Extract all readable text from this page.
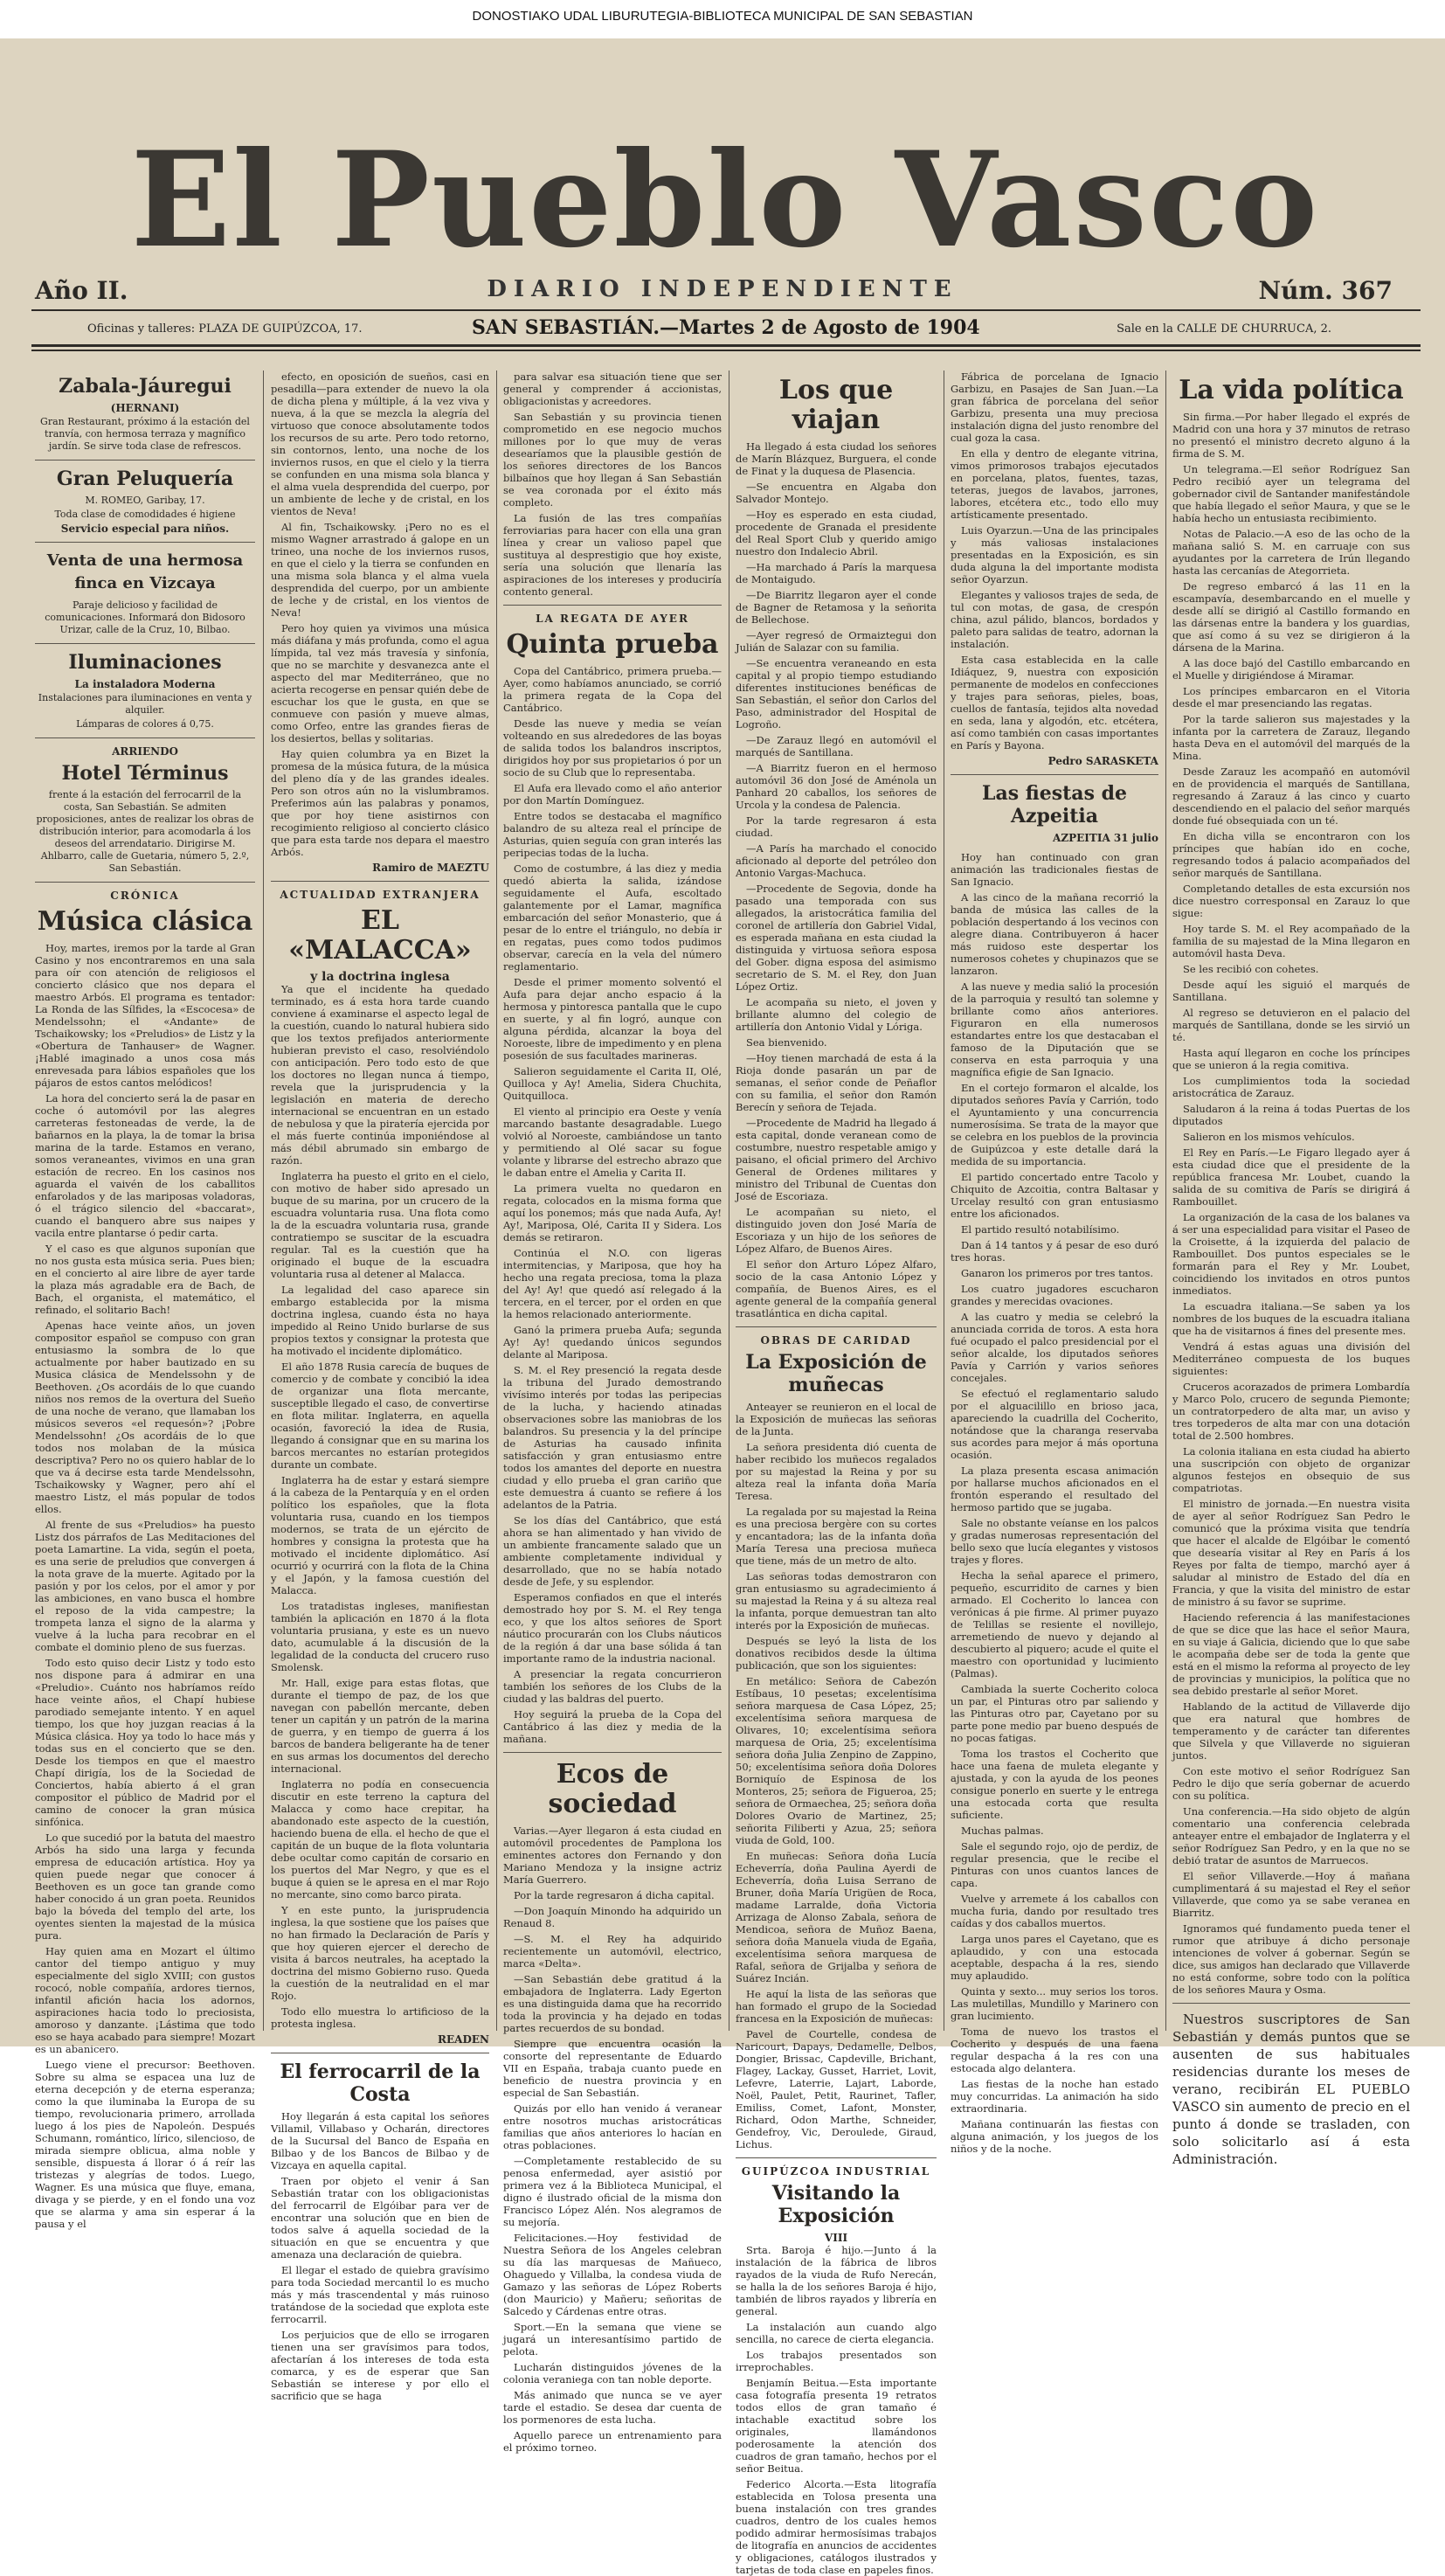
DONOSTIAKO UDAL LIBURUTEGIA-BIBLIOTECA MUNICIPAL DE SAN SEBASTIAN
El Pueblo Vasco
Año II.	DIARIO INDEPENDIENTE	Núm. 367
Oficinas y talleres: PLAZA DE GUIPÚZCOA, 17.	SAN SEBASTIÁN.—Martes 2 de Agosto de 1904	Sale en la CALLE DE CHURRUCA, 2.
Zabala-Jáuregui
(HERNANI)
Gran Restaurant, próximo á la estación del tranvía, con hermosa terraza y magnífico jardín. Se sirve toda clase de refrescos.
Gran Peluquería
M. ROMEO, Garibay, 17.
Toda clase de comodidades é higiene
Servicio especial para niños.
Venta de una hermosa finca en Vizcaya
Paraje delicioso y facilidad de comunicaciones. Informará don Bidosoro Urizar, calle de la Cruz, 10, Bilbao.
Iluminaciones
La instaladora Moderna
Instalaciones para iluminaciones en venta y alquiler.
Lámparas de colores á 0,75.
ARRIENDO
Hotel Términus
frente á la estación del ferrocarril de la costa, San Sebastián. Se admiten proposiciones, antes de realizar los obras de distribución interior, para acomodarla á los deseos del arrendatario. Dirigirse M. Ahlbarro, calle de Guetaria, número 5, 2.º, San Sebastián.
CRÓNICA
Música clásica

Hoy, martes, iremos por la tarde al Gran Casino y nos encontraremos en una sala para oír con atención de religiosos el concierto clásico que nos depara el maestro Arbós. El programa es tentador: La Ronda de las Sílfides, la «Escocesa» de Mendelssohn; el «Andante» de Tschaikowsky; los «Preludios» de Listz y la «Obertura de Tanhauser» de Wagner. ¡Hablé imaginado a unos cosa más enrevesada para lábios españoles que los pájaros de estos cantos melódicos!

La hora del concierto será la de pasar en coche ó automóvil por las alegres carreteras festoneadas de verde, la de bañarnos en la playa, la de tomar la brisa marina de la tarde. Estamos en verano, somos veraneantes, vivimos en una gran estación de recreo. En los casinos nos aguarda el vaivén de los caballitos enfarolados y de las mariposas voladoras, ó el trágico silencio del «baccarat», cuando el banquero abre sus naipes y vacila entre plantarse ó pedir carta.

Y el caso es que algunos suponían que no nos gusta esta música seria. Pues bien; en el concierto al aire libre de ayer tarde la plaza más agradable era de Bach, de Bach, el organista, el matemático, el refinado, el solitario Bach!

Apenas hace veinte años, un joven compositor español se compuso con gran entusiasmo la sombra de lo que actualmente por haber bautizado en su Musica clásica de Mendelssohn y de Beethoven. ¿Os acordáis de lo que cuando niños nos remos de la overtura del Sueño de una noche de verano, que llamaban los músicos severos «el requesón»? ¡Pobre Mendelssohn! ¿Os acordáis de lo que todos nos molaban de la música descriptiva? Pero no os quiero hablar de lo que va á decirse esta tarde Mendelssohn, Tschaikowsky y Wagner, pero ahí el maestro Listz, el más popular de todos ellos.

Al frente de sus «Preludios» ha puesto Listz dos párrafos de Las Meditaciones del poeta Lamartine. La vida, según el poeta, es una serie de preludios que convergen á la nota grave de la muerte. Agitado por la pasión y por los celos, por el amor y por las ambiciones, en vano busca el hombre el reposo de la vida campestre; la trompeta lanza el signo de la alarma y vuelve á la lucha para recobrar en el combate el dominio pleno de sus fuerzas.

Todo esto quiso decir Listz y todo esto nos dispone para á admirar en una «Preludio». Cuánto nos habríamos reído hace veinte años, el Chapí hubiese parodiado semejante intento. Y en aquel tiempo, los que hoy juzgan reacias á la Música clásica. Hoy ya todo lo hace más y todas sus en el concierto que se den. Desde los tiempos en que el maestro Chapí dirigía, los de la Sociedad de Conciertos, había abierto á el gran compositor el público de Madrid por el camino de conocer la gran música sinfónica.

Lo que sucedió por la batuta del maestro Arbós ha sido una larga y fecunda empresa de educación artística. Hoy ya quien puede negar que conocer á Beethoven es un goce tan grande como haber conocido á un gran poeta. Reunidos bajo la bóveda del templo del arte, los oyentes sienten la majestad de la música pura.

Hay quien ama en Mozart el último cantor del tiempo antiguo y muy especialmente del siglo XVIII; con gustos rococó, noble compañía, ardores tiernos, infantil afición hacia los adornos, aspiraciones hacia todo lo preciosista, amoroso y danzante. ¡Lástima que todo eso se haya acabado para siempre! Mozart es un abanicero.

Luego viene el precursor: Beethoven. Sobre su alma se espacea una luz de eterna decepción y de eterna esperanza; como la que iluminaba la Europa de su tiempo, revolucionaria primero, arrollada luego á los pies de Napoleón. Después Schumann, romántico, lírico, silencioso, de mirada siempre oblicua, alma noble y sensible, dispuesta á llorar ó á reír las tristezas y alegrías de todos. Luego, Wagner. Es una música que fluye, emana, divaga y se pierde, y en el fondo una voz que se alarma y ama sin esperar á la pausa y el

efecto, en oposición de sueños, casi en pesadilla—para extender de nuevo la ola de dicha plena y múltiple, á la vez viva y nueva, á la que se mezcla la alegría del virtuoso que conoce absolutamente todos los recursos de su arte. Pero todo retorno, sin contornos, lento, una noche de los inviernos rusos, en que el cielo y la tierra se confunden en una misma sola blanca y el alma vuela desprendida del cuerpo, por un ambiente de leche y de cristal, en los vientos de Neva!

Al fin, Tschaikowsky. ¡Pero no es el mismo Wagner arrastrado á galope en un trineo, una noche de los inviernos rusos, en que el cielo y la tierra se confunden en una misma sola blanca y el alma vuela desprendida del cuerpo, por un ambiente de leche y de cristal, en los vientos de Neva!

Pero hoy quien ya vivimos una música más diáfana y más profunda, como el agua límpida, tal vez más travesía y sinfonía, que no se marchite y desvanezca ante el aspecto del mar Mediterráneo, que no acierta recogerse en pensar quién debe de escuchar los que le gusta, en que se conmueve con pasión y mueve almas, como Orfeo, entre las grandes fieras de los desiertos, bellas y solitarias.

Hay quien columbra ya en Bizet la promesa de la música futura, de la música del pleno día y de las grandes ideales. Pero son otros aún no la vislumbramos. Preferimos aún las palabras y ponamos, que por hoy tiene asistirnos con recogimiento religioso al concierto clásico que para esta tarde nos depara el maestro Arbós.

Ramiro de MAEZTU
ACTUALIDAD EXTRANJERA
EL «MALACCA»
y la doctrina inglesa

Ya que el incidente ha quedado terminado, es á esta hora tarde cuando conviene á examinarse el aspecto legal de la cuestión, cuando lo natural hubiera sido que los textos prefijados anteriormente hubieran previsto el caso, resolviéndolo con anticipación. Pero todo esto de que los doctores no llegan nunca á tiempo, revela que la jurisprudencia y la legislación en materia de derecho internacional se encuentran en un estado de nebulosa y que la piratería ejercida por el más fuerte continúa imponiéndose al más débil abrumado sin embargo de razón.

Inglaterra ha puesto el grito en el cielo, con motivo de haber sido apresado un buque de su marina, por un crucero de la escuadra voluntaria rusa. Una flota como la de la escuadra voluntaria rusa, grande contratiempo se suscitar de la escuadra regular. Tal es la cuestión que ha originado el buque de la escuadra voluntaria rusa al detener al Malacca.

La legalidad del caso aparece sin embargo establecida por la misma doctrina inglesa, cuando ésta no haya impedido al Reino Unido burlarse de sus propios textos y consignar la protesta que ha motivado el incidente diplomático.

El año 1878 Rusia carecía de buques de comercio y de combate y concibió la idea de organizar una flota mercante, susceptible llegado el caso, de convertirse en flota militar. Inglaterra, en aquella ocasión, favoreció la idea de Rusia, llegando á consignar que en su marina los barcos mercantes no estarían protegidos durante un combate.

Inglaterra ha de estar y estará siempre á la cabeza de la Pentarquía y en el orden político los españoles, que la flota voluntaria rusa, cuando en los tiempos modernos, se trata de un ejército de hombres y consigna la protesta que ha motivado el incidente diplomático. Así ocurrió y ocurrirá con la flota de la China y el Japón, y la famosa cuestión del Malacca.

Los tratadistas ingleses, manifiestan también la aplicación en 1870 á la flota voluntaria prusiana, y este es un nuevo dato, acumulable á la discusión de la legalidad de la conducta del crucero ruso Smolensk.

Mr. Hall, exige para estas flotas, que durante el tiempo de paz, de los que navegan con pabellón mercante, deben tener un capitán y un patrón de la marina de guerra, y en tiempo de guerra á los barcos de bandera beligerante ha de tener en sus armas los documentos del derecho internacional.

Inglaterra no podía en consecuencia discutir en este terreno la captura del Malacca y como hace crepitar, ha abandonado este aspecto de la cuestión, haciendo buena de ella. el hecho de que el capitán de un buque de la flota voluntaria debe ocultar como capitán de corsario en los puertos del Mar Negro, y que es el buque á quien se le apresa en el mar Rojo no mercante, sino como barco pirata.

Y en este punto, la jurisprudencia inglesa, la que sostiene que los países que no han firmado la Declaración de París y que hoy quieren ejercer el derecho de visita á barcos neutrales, ha aceptado la doctrina del mismo Gobierno ruso. Queda la cuestión de la neutralidad en el mar Rojo.

Todo ello muestra lo artificioso de la protesta inglesa.

READEN
El ferrocarril de la Costa

Hoy llegarán á esta capital los señores Villamil, Villabaso y Ocharán, directores de la Sucursal del Banco de España en Bilbao y de los Bancos de Bilbao y de Vizcaya en aquella capital.

Traen por objeto el venir á San Sebastián tratar con los obligacionistas del ferrocarril de Elgóibar para ver de encontrar una solución que en bien de todos salve á aquella sociedad de la situación en que se encuentra y que amenaza una declaración de quiebra.

El llegar el estado de quiebra gravísimo para toda Sociedad mercantil lo es mucho más y más trascendental y más ruinoso tratándose de la sociedad que explota este ferrocarril.

Los perjuicios que de ello se irrogaren tienen una ser gravísimos para todos, afectarían á los intereses de toda esta comarca, y es de esperar que San Sebastián se interese y por ello el sacrificio que se haga

para salvar esa situación tiene que ser general y comprender á accionistas, obligacionistas y acreedores.

San Sebastián y su provincia tienen comprometido en ese negocio muchos millones por lo que muy de veras desearíamos que la plausible gestión de los señores directores de los Bancos bilbaínos que hoy llegan á San Sebastián se vea coronada por el éxito más completo.

La fusión de las tres compañías ferroviarias para hacer con ella una gran línea y crear un valioso papel que sustituya al desprestigio que hoy existe, sería una solución que llenaría las aspiraciones de los intereses y produciría contento general.

LA REGATA DE AYER
Quinta prueba

Copa del Cantábrico, primera prueba.— Ayer, como habíamos anunciado, se corrió la primera regata de la Copa del Cantábrico.

Desde las nueve y media se veían volteando en sus alrededores de las boyas de salida todos los balandros inscriptos, dirigidos hoy por sus propietarios ó por un socio de su Club que lo representaba.

El Aufa era llevado como el año anterior por don Martín Domínguez.

Entre todos se destacaba el magnífico balandro de su alteza real el príncipe de Asturias, quien seguía con gran interés las peripecias todas de la lucha.

Como de costumbre, á las diez y media quedó abierta la salida, izándose seguidamente el Aufa, escoltado galantemente por el Lamar, magnífica embarcación del señor Monasterio, que á pesar de lo entre el triángulo, no debía ir en regatas, pues como todos pudimos observar, carecía en la vela del número reglamentario.

Desde el primer momento solventó el Aufa para dejar ancho espacio á la hermosa y pintoresca pantalla que le cupo en suerte, y al fin logró, aunque con alguna pérdida, alcanzar la boya del Noroeste, libre de impedimento y en plena posesión de sus facultades marineras.

Salieron seguidamente el Carita II, Olé, Quilloca y Ay! Amelia, Sidera Chuchita, Quitquilloca.

El viento al principio era Oeste y venía marcando bastante desagradable. Luego volvió al Noroeste, cambiándose un tanto y permitiendo al Olé sacar su fogue volante y librarse del estrecho abrazo que le daban entre el Amelia y Carita II.

La primera vuelta no quedaron en regata, colocados en la misma forma que aquí los ponemos; más que nada Aufa, Ay! Ay!, Mariposa, Olé, Carita II y Sidera. Los demás se retiraron.

Continúa el N.O. con ligeras intermitencias, y Mariposa, que hoy ha hecho una regata preciosa, toma la plaza del Ay! Ay! que quedó así relegado á la tercera, en el tercer, por el orden en que la hemos relacionado anteriormente.

Ganó la primera prueba Aufa; segunda Ay! Ay! quedando únicos segundos delante al Mariposa.

S. M. el Rey presenció la regata desde la tribuna del Jurado demostrando vivísimo interés por todas las peripecias de la lucha, y haciendo atinadas observaciones sobre las maniobras de los balandros. Su presencia y la del príncipe de Asturias ha causado infinita satisfacción y gran entusiasmo entre todos los amantes del deporte en nuestra ciudad y ello prueba el gran cariño que este demuestra á cuanto se refiere á los adelantos de la Patria.

Se los días del Cantábrico, que está ahora se han alimentado y han vivido de un ambiente francamente salado que un ambiente completamente individual y desarrollado, que no se había notado desde de Jefe, y su esplendor.

Esperamos confiados en que el interés demostrado hoy por S. M. el Rey tenga eco, y que los altos señores de Sport náutico procurarán con los Clubs náuticos de la región á dar una base sólida á tan importante ramo de la industria nacional.

A presenciar la regata concurrieron también los señores de los Clubs de la ciudad y las baldras del puerto.

Hoy seguirá la prueba de la Copa del Cantábrico á las diez y media de la mañana.

Ecos de sociedad

Varias.—Ayer llegaron á esta ciudad en automóvil procedentes de Pamplona los eminentes actores don Fernando y don Mariano Mendoza y la insigne actriz María Guerrero.

Por la tarde regresaron á dicha capital.

—Don Joaquín Minondo ha adquirido un Renaud 8.

—S. M. el Rey ha adquirido recientemente un automóvil, electrico, marca «Delta».

—San Sebastián debe gratitud á la embajadora de Inglaterra. Lady Egerton es una distinguida dama que ha recorrido toda la provincia y ha dejado en todas partes recuerdos de su bondad.

Siempre que encuentra ocasión la consorte del representante de Eduardo VII en España, trabaja cuanto puede en beneficio de nuestra provincia y en especial de San Sebastián.

Quizás por ello han venido á veranear entre nosotros muchas aristocráticas familias que años anteriores lo hacían en otras poblaciones.

—Completamente restablecido de su penosa enfermedad, ayer asistió por primera vez á la Biblioteca Municipal, el digno é ilustrado oficial de la misma don Francisco López Alén. Nos alegramos de su mejoría.

Felicitaciones.—Hoy festividad de Nuestra Señora de los Angeles celebran su día las marquesas de Mañueco, Ohaguedo y Villalba, la condesa viuda de Gamazo y las señoras de López Roberts (don Mauricio) y Mañeru; señoritas de Salcedo y Cárdenas entre otras.

Sport.—En la semana que viene se jugará un interesantísimo partido de pelota.

Lucharán distinguidos jóvenes de la colonia veraniega con tan noble deporte.

Más animado que nunca se ve ayer tarde el estadio. Se desea dar cuenta de los pormenores de esta lucha.

Aquello parece un entrenamiento para el próximo torneo.

Los que viajan

Ha llegado á esta ciudad los señores de Marín Blázquez, Burguera, el conde de Finat y la duquesa de Plasencia.

—Se encuentra en Algaba don Salvador Montejo.

—Hoy es esperado en esta ciudad, procedente de Granada el presidente del Real Sport Club y querido amigo nuestro don Indalecio Abril.

—Ha marchado á París la marquesa de Montaigudo.

—De Biarritz llegaron ayer el conde de Bagner de Retamosa y la señorita de Bellechose.

—Ayer regresó de Ormaiztegui don Julián de Salazar con su familia.

—Se encuentra veraneando en esta capital y al propio tiempo estudiando diferentes instituciones benéficas de San Sebastián, el señor don Carlos del Paso, administrador del Hospital de Logroño.

—De Zarauz llegó en automóvil el marqués de Santillana.

—A Biarritz fueron en el hermoso automóvil 36 don José de Aménola un Panhard 20 caballos, los señores de Urcola y la condesa de Palencia.

Por la tarde regresaron á esta ciudad.

—A París ha marchado el conocido aficionado al deporte del petróleo don Antonio Vargas-Machuca.

—Procedente de Segovia, donde ha pasado una temporada con sus allegados, la aristocrática familia del coronel de artillería don Gabriel Vidal, es esperada mañana en esta ciudad la distinguida y virtuosa señora esposa del Gober. digna esposa del asimismo secretario de S. M. el Rey, don Juan López Ortiz.

Le acompaña su nieto, el joven y brillante alumno del colegio de artillería don Antonio Vidal y Lóriga.

Sea bienvenido.

—Hoy tienen marchadá de esta á la Rioja donde pasarán un par de semanas, el señor conde de Peñaflor con su familia, el señor don Ramón Berecín y señora de Tejada.

—Procedente de Madrid ha llegado á esta capital, donde veranean como de costumbre, nuestro respetable amigo y paisano, el oficial primero del Archivo General de Ordenes militares y ministro del Tribunal de Cuentas don José de Escoriaza.

Le acompañan su nieto, el distinguido joven don José María de Escoriaza y un hijo de los señores de López Alfaro, de Buenos Aires.

El señor don Arturo López Alfaro, socio de la casa Antonio López y compañía, de Buenos Aires, es el agente general de la compañía general trasatlántica en dicha capital.

OBRAS DE CARIDAD
La Exposición de muñecas

Anteayer se reunieron en el local de la Exposición de muñecas las señoras de la Junta.

La señora presidenta dió cuenta de haber recibido los muñecos regalados por su majestad la Reina y por su alteza real la infanta doña María Teresa.

La regalada por su majestad la Reina es una preciosa bergère con su cortes y encantadora; las de la infanta doña María Teresa una preciosa muñeca que tiene, más de un metro de alto.

Las señoras todas demostraron con gran entusiasmo su agradecimiento á su majestad la Reina y á su alteza real la infanta, porque demuestran tan alto interés por la Exposición de muñecas.

Después se leyó la lista de los donativos recibidos desde la última publicación, que son los siguientes:

En metálico: Señora de Cabezón Estíbaus, 10 pesetas; excelentísima señora marquesa de Casa López, 25; excelentísima señora marquesa de Olivares, 10; excelentísima señora marquesa de Oria, 25; excelentísima señora doña Julia Zenpino de Zappino, 50; excelentísima señora doña Dolores Borniquío de Espinosa de los Monteros, 25; señora de Figueroa, 25; señora de Ormaechea, 25; señora doña Dolores Ovario de Martinez, 25; señorita Filiberti y Azua, 25; señora viuda de Gold, 100.

En muñecas: Señora doña Lucía Echeverría, doña Paulina Ayerdi de Echeverría, doña Luisa Serrano de Bruner, doña María Urigüen de Roca, madame Larralde, doña Victoria Arrizaga de Alonso Zabala, señora de Mendicoa, señora de Muñoz Baena, señora doña Manuela viuda de Egaña, excelentísima señora marquesa de Rafal, señora de Grijalba y señora de Suárez Incián.

He aquí la lista de las señoras que han formado el grupo de la Sociedad francesa en la Exposición de muñecas:

Pavel de Courtelle, condesa de Naricourt, Dapays, Dedamelle, Delbos, Dongier, Brissac, Capdeville, Brichant, Flagey, Lackay, Gusset, Harriet, Lovit, Lefevre, Laterrie, Lajart, Laborde, Noël, Paulet, Petit, Raurinet, Tafler, Emiliss, Comet, Lafont, Monster, Richard, Odon Marthe, Schneider, Gendefroy, Vic, Deroulede, Giraud, Lichus.

GUIPÚZCOA INDUSTRIAL
Visitando la Exposición
VIII

Srta. Baroja é hijo.—Junto á la instalación de la fábrica de libros rayados de la viuda de Rufo Nerecán, se halla la de los señores Baroja é hijo, también de libros rayados y librería en general.

La instalación aun cuando algo sencilla, no carece de cierta elegancia.

Los trabajos presentados son irreprochables.

Benjamín Beitua.—Esta importante casa fotografía presenta 19 retratos todos ellos de gran tamaño é intachable exactitud sobre los originales, llamándonos poderosamente la atención dos cuadros de gran tamaño, hechos por el señor Beitua.

Federico Alcorta.—Esta litografía establecida en Tolosa presenta una buena instalación con tres grandes cuadros, dentro de los cuales hemos podido admirar hermosísimas trabajos de litografía en anuncios de accidentes y obligaciones, catálogos ilustrados y tarjetas de toda clase en papeles finos.

Fábrica de porcelana de Ignacio Garbizu, en Pasajes de San Juan.—La gran fábrica de porcelana del señor Garbizu, presenta una muy preciosa instalación digna del justo renombre del cual goza la casa.

En ella y dentro de elegante vitrina, vimos primorosos trabajos ejecutados en porcelana, platos, fuentes, tazas, teteras, juegos de lavabos, jarrones, labores, etcétera etc., todo ello muy artísticamente presentado.

Luis Oyarzun.—Una de las principales y más valiosas instalaciones presentadas en la Exposición, es sin duda alguna la del importante modista señor Oyarzun.

Elegantes y valiosos trajes de seda, de tul con motas, de gasa, de crespón china, azul pálido, blancos, bordados y paleto para salidas de teatro, adornan la instalación.

Esta casa establecida en la calle Idiáquez, 9, nuestra con exposición permanente de modelos en confecciones y trajes para señoras, pieles, boas, cuellos de fantasía, tejidos alta novedad en seda, lana y algodón, etc. etcétera, así como también con casas importantes en París y Bayona.

Pedro SARASKETA
Las fiestas de Azpeitia
AZPEITIA 31 julio

Hoy han continuado con gran animación las tradicionales fiestas de San Ignacio.

A las cinco de la mañana recorrió la banda de música las calles de la población despertando á los vecinos con alegre diana. Contribuyeron á hacer más ruidoso este despertar los numerosos cohetes y chupinazos que se lanzaron.

A las nueve y media salió la procesión de la parroquia y resultó tan solemne y brillante como años anteriores. Figuraron en ella numerosos estandartes entre los que destacaban el famoso de la Diputación que se conserva en esta parroquia y una magnífica efigie de San Ignacio.

En el cortejo formaron el alcalde, los diputados señores Pavía y Carrión, todo el Ayuntamiento y una concurrencia numerosísima. Se trata de la mayor que se celebra en los pueblos de la provincia de Guipúzcoa y este detalle dará la medida de su importancia.

El partido concertado entre Tacolo y Chiquito de Azcoitia, contra Baltasar y Urcelay resultó con gran entusiasmo entre los aficionados.

El partido resultó notabilísimo.

Dan á 14 tantos y á pesar de eso duró tres horas.

Ganaron los primeros por tres tantos.

Los cuatro jugadores escucharon grandes y merecidas ovaciones.

A las cuatro y media se celebró la anunciada corrida de toros. A esta hora fué ocupado el palco presidencial por el señor alcalde, los diputados señores Pavía y Carrión y varios señores concejales.

Se efectuó el reglamentario saludo por el alguacilillo en brioso jaca, apareciendo la cuadrilla del Cocherito, notándose que la charanga reservaba sus acordes para mejor á más oportuna ocasión.

La plaza presenta escasa animación por hallarse muchos aficionados en el frontón esperando el resultado del hermoso partido que se jugaba.

Sale no obstante veíanse en los palcos y gradas numerosas representación del bello sexo que lucía elegantes y vistosos trajes y flores.

Hecha la señal aparece el primero, pequeño, escurridito de carnes y bien armado. El Cocherito lo lancea con verónicas á pie firme. Al primer puyazo de Telillas se resiente el novillejo, arremetiendo de nuevo y dejando al descubierto al piquero; acude el quite el maestro con oportunidad y lucimiento (Palmas).

Cambiada la suerte Cocherito coloca un par, el Pinturas otro par saliendo y las Pinturas otro par, Cayetano por su parte pone medio par bueno después de no pocas fatigas.

Toma los trastos el Cocherito que hace una faena de muleta elegante y ajustada, y con la ayuda de los peones consigue ponerlo en suerte y le entrega una estocada corta que resulta suficiente.

Muchas palmas.

Sale el segundo rojo, ojo de perdiz, de regular presencia, que le recibe el Pinturas con unos cuantos lances de capa.

Vuelve y arremete á los caballos con mucha furia, dando por resultado tres caídas y dos caballos muertos.

Larga unos pares el Cayetano, que es aplaudido, y con una estocada aceptable, despacha á la res, siendo muy aplaudido.

Quinta y sexto... muy serios los toros. Las muletillas, Mundillo y Marinero con gran lucimiento.

Toma de nuevo los trastos el Cocherito y después de una faena regular despacha á la res con una estocada algo delantera.

Las fiestas de la noche han estado muy concurridas. La animación ha sido extraordinaria.

Mañana continuarán las fiestas con alguna animación, y los juegos de los niños y de la noche.

La vida política

Sin firma.—Por haber llegado el exprés de Madrid con una hora y 37 minutos de retraso no presentó el ministro decreto alguno á la firma de S. M.

Un telegrama.—El señor Rodríguez San Pedro recibió ayer un telegrama del gobernador civil de Santander manifestándole que había llegado el señor Maura, y que se le había hecho un entusiasta recibimiento.

Notas de Palacio.—A eso de las ocho de la mañana salió S. M. en carruaje con sus ayudantes por la carretera de Irún llegando hasta las cercanías de Ategorrieta.

De regreso embarcó á las 11 en la escampavía, desembarcando en el muelle y desde allí se dirigió al Castillo formando en las dársenas entre la bandera y los guardias, que así como á su vez se dirigieron á la dársena de la Marina.

A las doce bajó del Castillo embarcando en el Muelle y dirigiéndose á Miramar.

Los príncipes embarcaron en el Vitoria desde el mar presenciando las regatas.

Por la tarde salieron sus majestades y la infanta por la carretera de Zarauz, llegando hasta Deva en el automóvil del marqués de la Mina.

Desde Zarauz les acompañó en automóvil en de providencia el marqués de Santillana, regresando á Zarauz á las cinco y cuarto descendiendo en el palacio del señor marqués donde fué obsequiada con un té.

En dicha villa se encontraron con los príncipes que habían ido en coche, regresando todos á palacio acompañados del señor marqués de Santillana.

Completando detalles de esta excursión nos dice nuestro corresponsal en Zarauz lo que sigue:

Hoy tarde S. M. el Rey acompañado de la familia de su majestad de la Mina llegaron en automóvil hasta Deva.

Se les recibió con cohetes.

Desde aquí les siguió el marqués de Santillana.

Al regreso se detuvieron en el palacio del marqués de Santillana, donde se les sirvió un té.

Hasta aquí llegaron en coche los príncipes que se unieron á la regia comitiva.

Los cumplimientos toda la sociedad aristocrática de Zarauz.

Saludaron á la reina á todas Puertas de los diputados

Salieron en los mismos vehículos.

El Rey en París.—Le Figaro llegado ayer á esta ciudad dice que el presidente de la república francesa Mr. Loubet, cuando la salida de su comitiva de París se dirigirá á Rambouillet.

La organización de la casa de los balanes va á ser una especialidad para visitar el Paseo de la Croisette, á la izquierda del palacio de Rambouillet. Dos puntos especiales se le formarán para el Rey y Mr. Loubet, coincidiendo los invitados en otros puntos inmediatos.

La escuadra italiana.—Se saben ya los nombres de los buques de la escuadra italiana que ha de visitarnos á fines del presente mes.

Vendrá á estas aguas una división del Mediterráneo compuesta de los buques siguientes:

Cruceros acorazados de primera Lombardía y Marco Polo, crucero de segunda Piemonte; un contratorpedero de alta mar, un aviso y tres torpederos de alta mar con una dotación total de 2.500 hombres.

La colonia italiana en esta ciudad ha abierto una suscripción con objeto de organizar algunos festejos en obsequio de sus compatriotas.

El ministro de jornada.—En nuestra visita de ayer al señor Rodríguez San Pedro le comunicó que la próxima visita que tendría que hacer el alcalde de Elgóibar le comentó que desearía visitar al Rey en París á los Reyes por falta de tiempo, marchó ayer á saludar al ministro de Estado del día en Francia, y que la visita del ministro de estar de ministro á su favor se suprime.

Haciendo referencia á las manifestaciones de que se dice que las hace el señor Maura, en su viaje á Galicia, diciendo que lo que sabe le acompaña debe ser de toda la gente que está en el mismo la reforma al proyecto de ley de provincias y municipios, la política que no sea debido prestarle al señor Moret.

Hablando de la actitud de Villaverde dijo que era natural que hombres de temperamento y de carácter tan diferentes que Silvela y que Villaverde no siguieran juntos.

Con este motivo el señor Rodríguez San Pedro le dijo que sería gobernar de acuerdo con su política.

Una conferencia.—Ha sido objeto de algún comentario una conferencia celebrada anteayer entre el embajador de Inglaterra y el señor Rodríguez San Pedro, y en la que no se debió tratar de asuntos de Marruecos.

El señor Villaverde.—Hoy á mañana cumplimentará á su majestad el Rey el señor Villaverde, que como ya se sabe veranea en Biarritz.

Ignoramos qué fundamento pueda tener el rumor que atribuye á dicho personaje intenciones de volver á gobernar. Según se dice, sus amigos han declarado que Villaverde no está conforme, sobre todo con la política de los señores Maura y Osma.

Nuestros suscriptores de San Sebastián y demás puntos que se ausenten de sus habituales residencias durante los meses de verano, recibirán EL PUEBLO VASCO sin aumento de precio en el punto á donde se trasladen, con solo solicitarlo así á esta Administración.
